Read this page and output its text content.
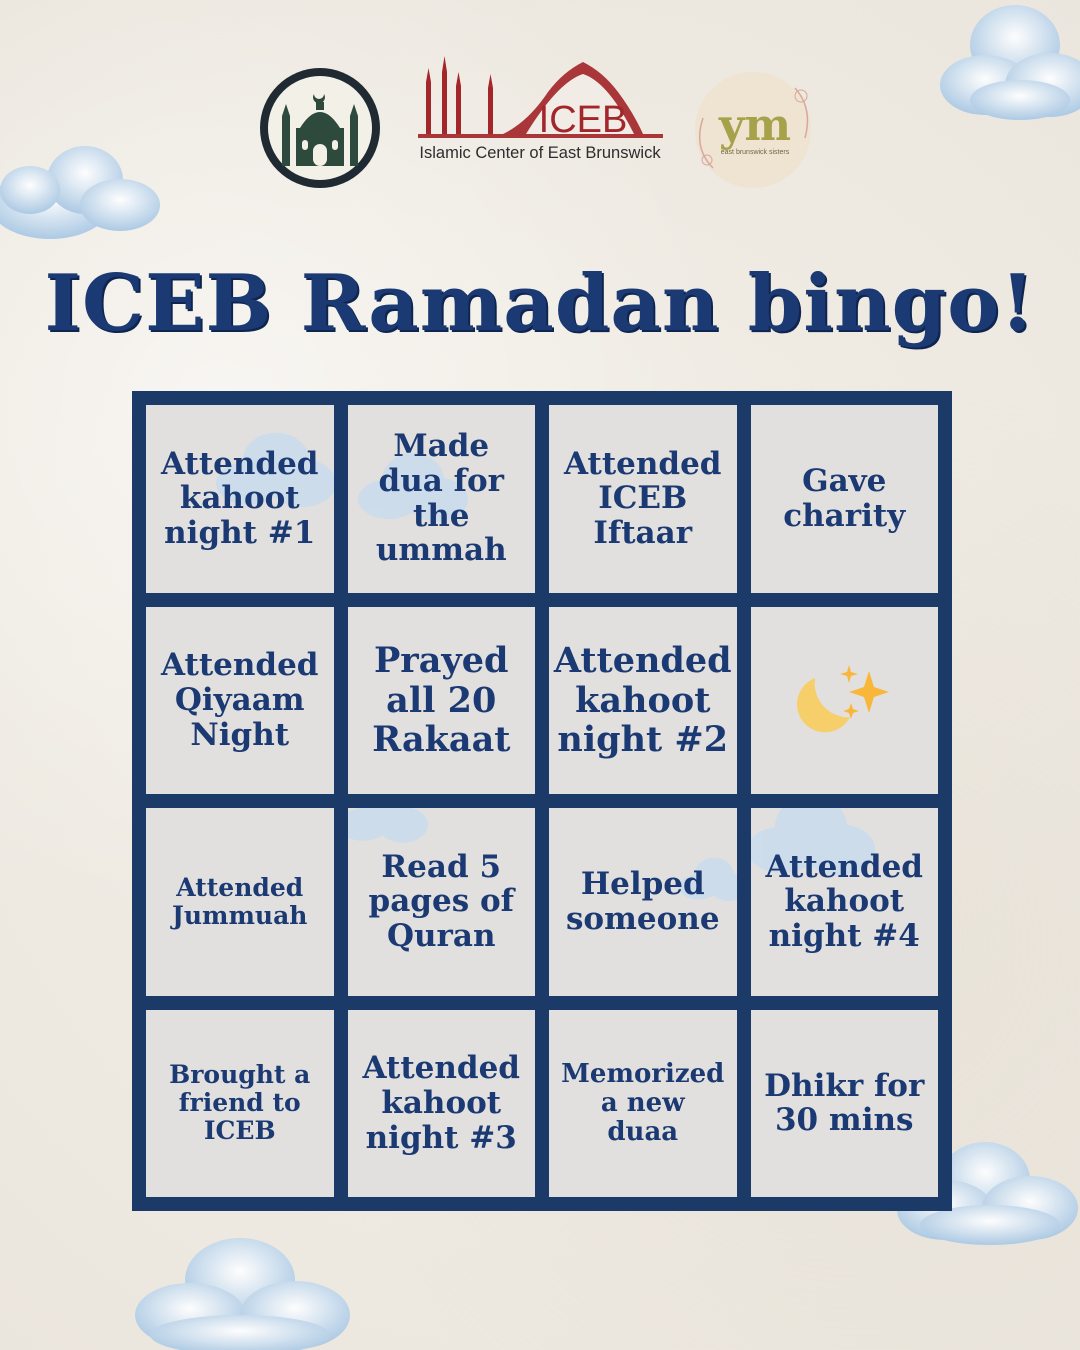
ICEB
Islamic Center of East Brunswick
ym
east brunswick sisters
ICEB Ramadan bingo!
Attended
kahoot
night #1
Made
dua for
the
ummah
Attended
ICEB
Iftaar
Gave
charity
Attended
Qiyaam
Night
Prayed
all 20
Rakaat
Attended
kahoot
night #2
Attended
Jummuah
Read 5
pages of
Quran
Helped
someone
Attended
kahoot
night #4
Brought a
friend to
ICEB
Attended
kahoot
night #3
Memorized
a new
duaa
Dhikr for
30 mins
